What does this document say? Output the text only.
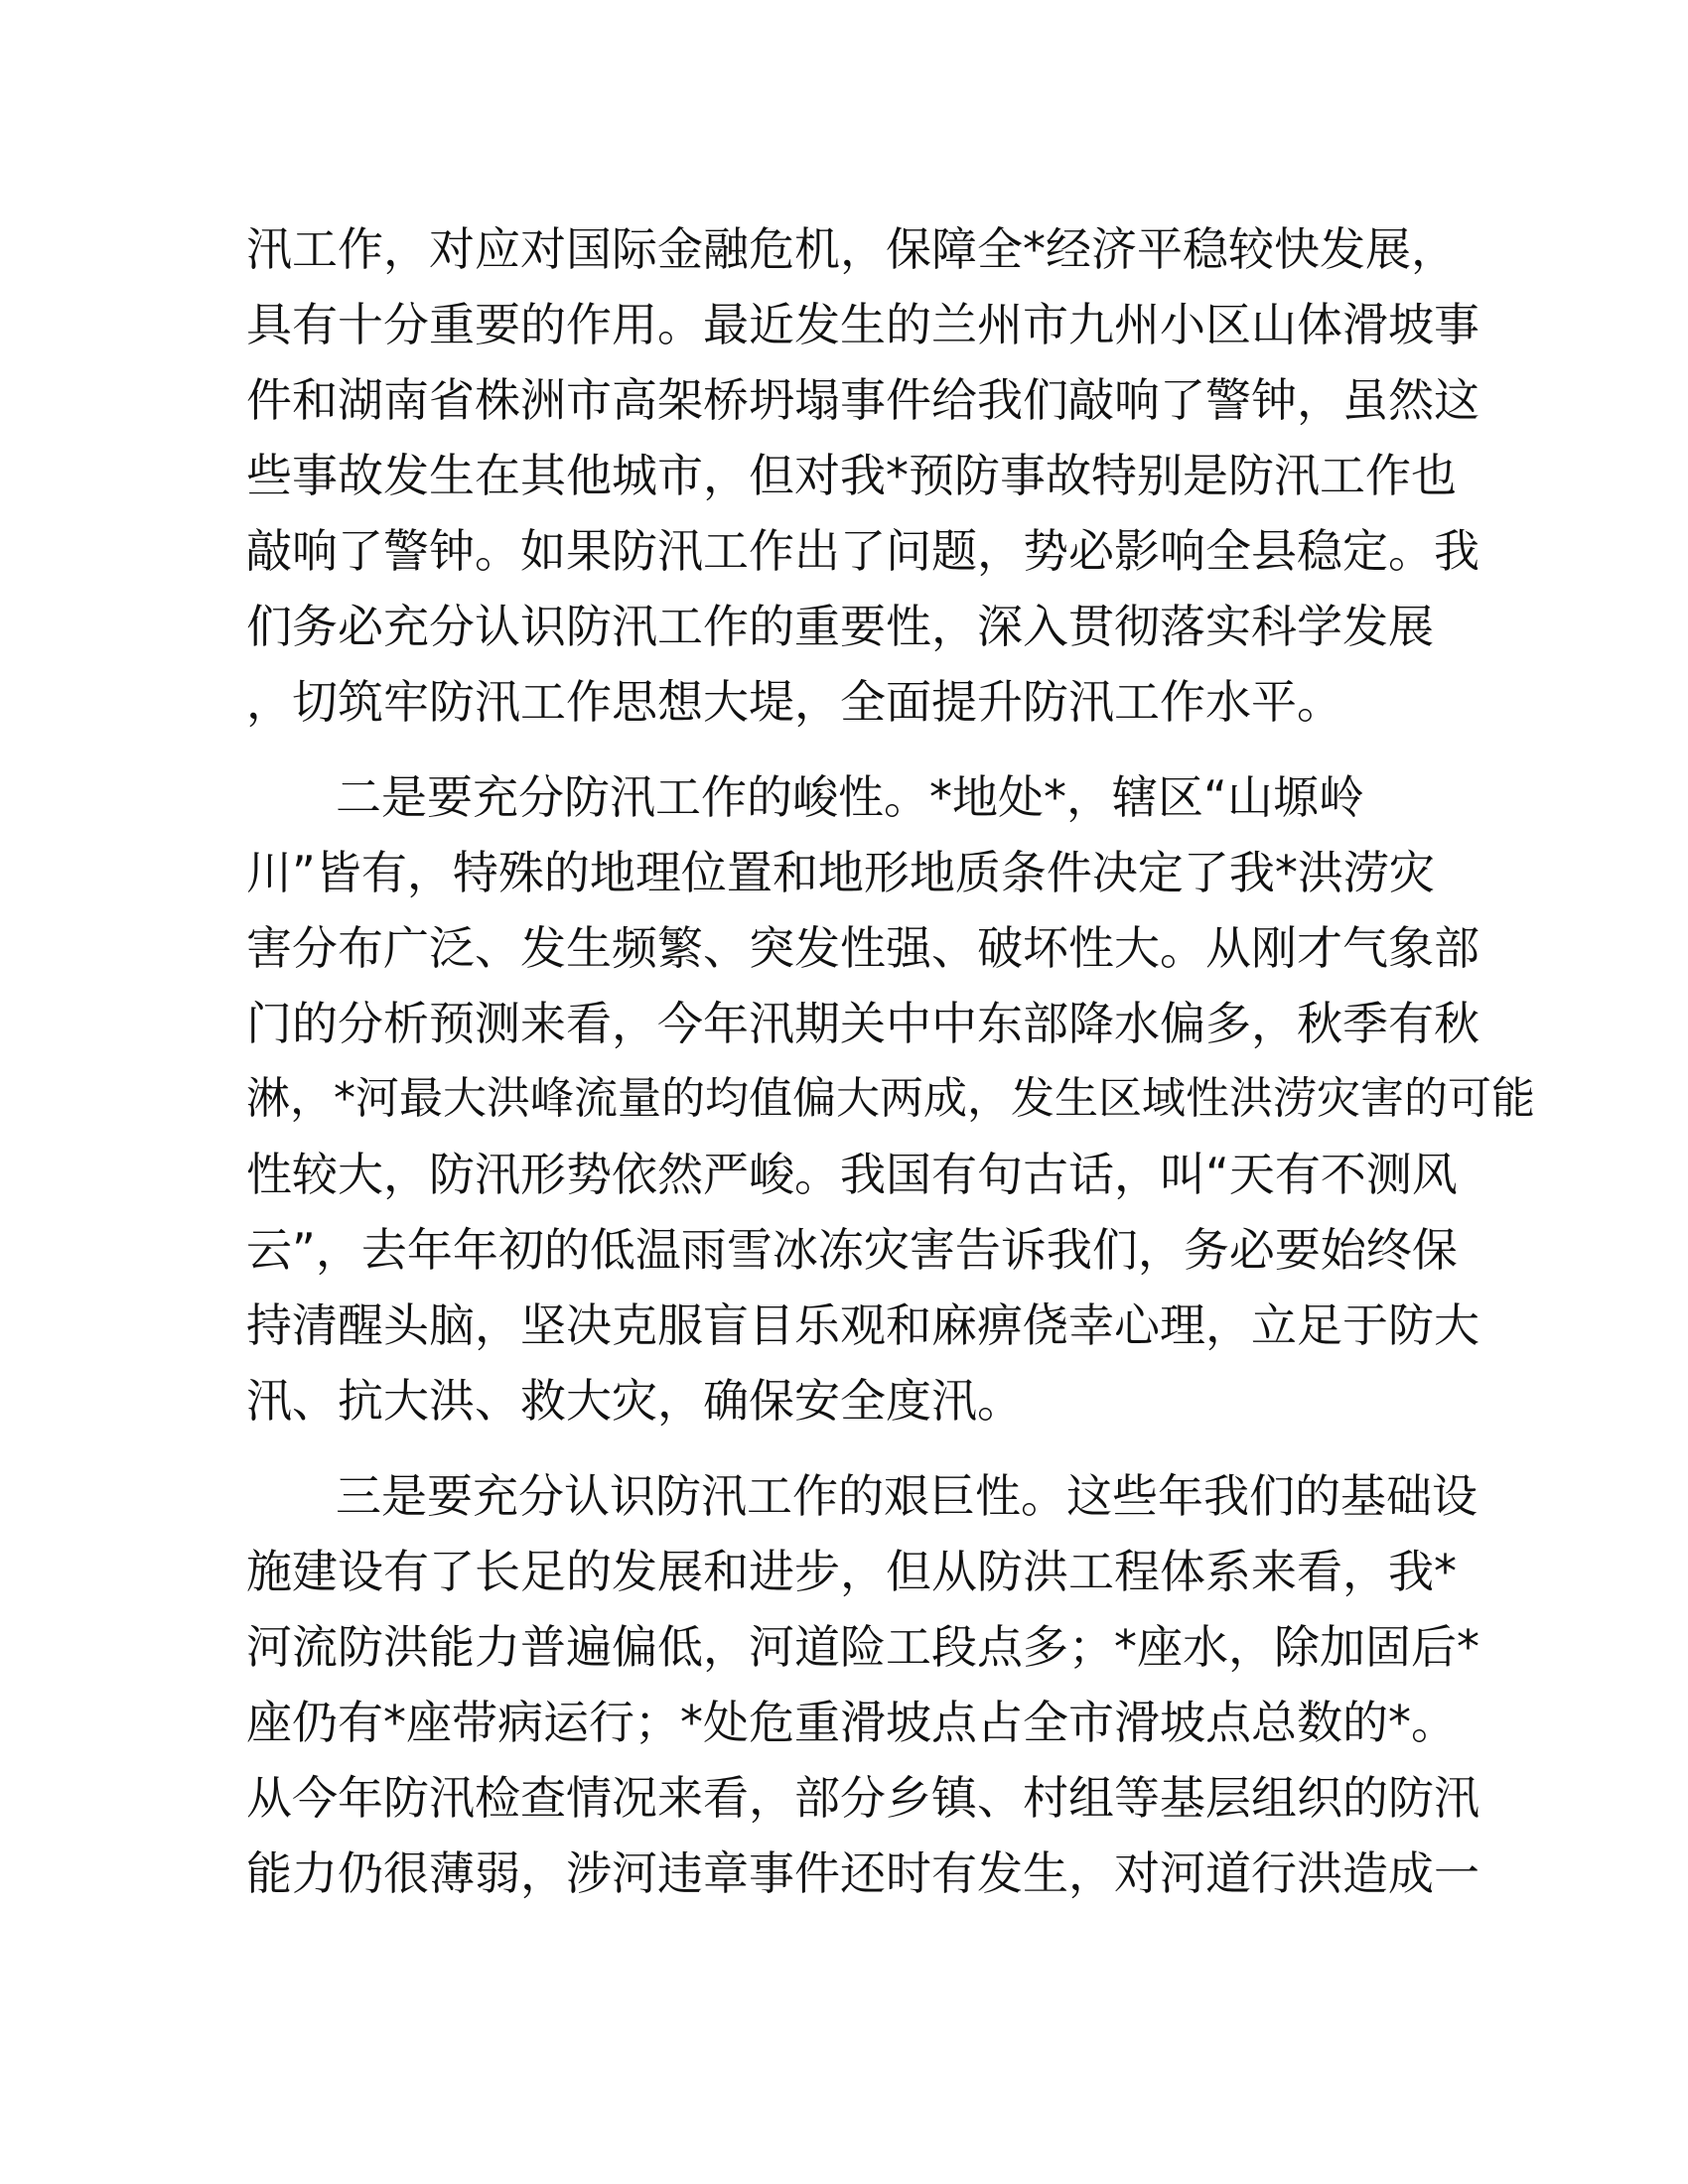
汛工作，对应对国际金融危机，保障全*经济平稳较快发展，

具有十分重要的作用。最近发生的兰州市九州小区山体滑坡事

件和湖南省株洲市高架桥坍塌事件给我们敲响了警钟，虽然这

些事故发生在其他城市，但对我*预防事故特别是防汛工作也

敲响了警钟。如果防汛工作出了问题，势必影响全县稳定。我

们务必充分认识防汛工作的重要性，深入贯彻落实科学发展

，切筑牢防汛工作思想大堤，全面提升防汛工作水平。

二是要充分防汛工作的峻性。*地处*，辖区“山塬岭

川”皆有，特殊的地理位置和地形地质条件决定了我*洪涝灾

害分布广泛、发生频繁、突发性强、破坏性大。从刚才气象部

门的分析预测来看，今年汛期关中中东部降水偏多，秋季有秋

淋，*河最大洪峰流量的均值偏大两成，发生区域性洪涝灾害的可能

性较大，防汛形势依然严峻。我国有句古话，叫“天有不测风

云”，去年年初的低温雨雪冰冻灾害告诉我们，务必要始终保

持清醒头脑，坚决克服盲目乐观和麻痹侥幸心理，立足于防大

汛、抗大洪、救大灾，确保安全度汛。

三是要充分认识防汛工作的艰巨性。这些年我们的基础设

施建设有了长足的发展和进步，但从防洪工程体系来看，我*

河流防洪能力普遍偏低，河道险工段点多；*座水，除加固后*

座仍有*座带病运行；*处危重滑坡点占全市滑坡点总数的*。

从今年防汛检查情况来看，部分乡镇、村组等基层组织的防汛

能力仍很薄弱，涉河违章事件还时有发生，对河道行洪造成一
